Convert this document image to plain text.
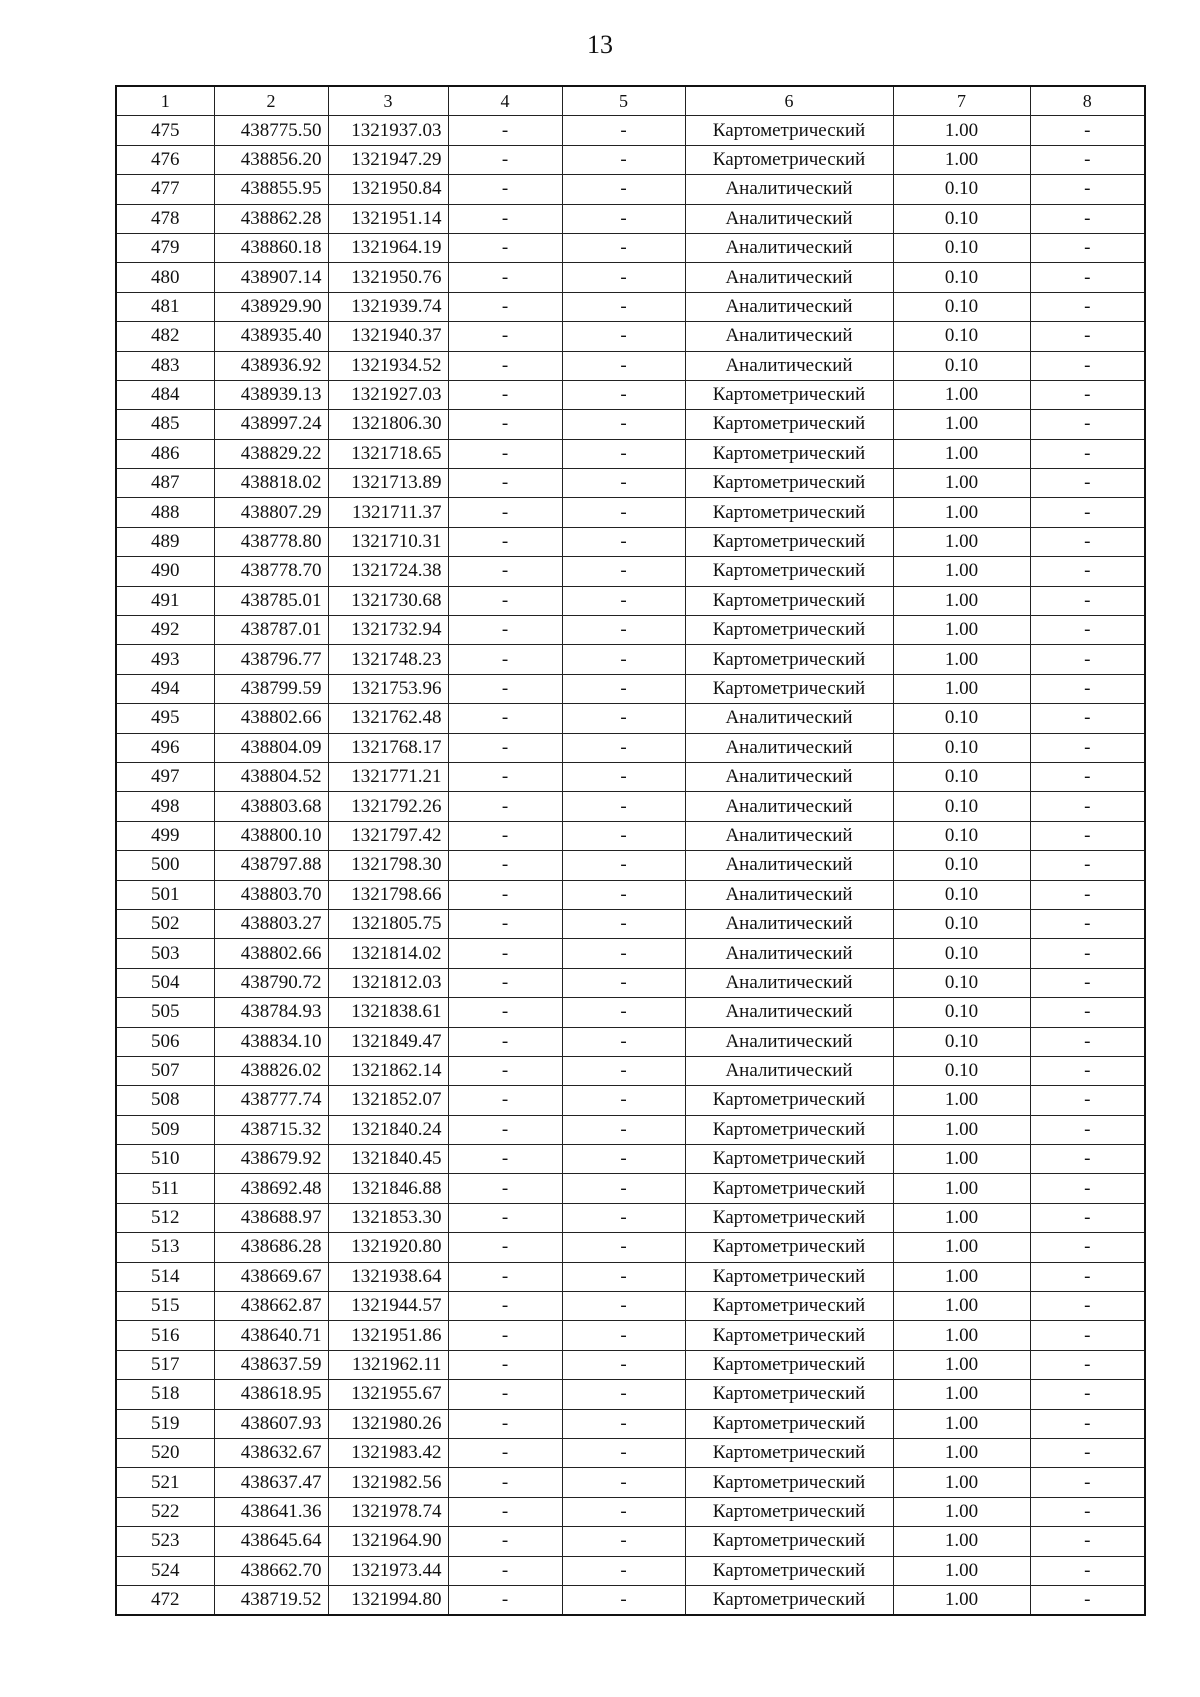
13
1	2	3	4	5	6	7	8
475	438775.50	1321937.03	-	-	Картометрический	1.00	-
476	438856.20	1321947.29	-	-	Картометрический	1.00	-
477	438855.95	1321950.84	-	-	Аналитический	0.10	-
478	438862.28	1321951.14	-	-	Аналитический	0.10	-
479	438860.18	1321964.19	-	-	Аналитический	0.10	-
480	438907.14	1321950.76	-	-	Аналитический	0.10	-
481	438929.90	1321939.74	-	-	Аналитический	0.10	-
482	438935.40	1321940.37	-	-	Аналитический	0.10	-
483	438936.92	1321934.52	-	-	Аналитический	0.10	-
484	438939.13	1321927.03	-	-	Картометрический	1.00	-
485	438997.24	1321806.30	-	-	Картометрический	1.00	-
486	438829.22	1321718.65	-	-	Картометрический	1.00	-
487	438818.02	1321713.89	-	-	Картометрический	1.00	-
488	438807.29	1321711.37	-	-	Картометрический	1.00	-
489	438778.80	1321710.31	-	-	Картометрический	1.00	-
490	438778.70	1321724.38	-	-	Картометрический	1.00	-
491	438785.01	1321730.68	-	-	Картометрический	1.00	-
492	438787.01	1321732.94	-	-	Картометрический	1.00	-
493	438796.77	1321748.23	-	-	Картометрический	1.00	-
494	438799.59	1321753.96	-	-	Картометрический	1.00	-
495	438802.66	1321762.48	-	-	Аналитический	0.10	-
496	438804.09	1321768.17	-	-	Аналитический	0.10	-
497	438804.52	1321771.21	-	-	Аналитический	0.10	-
498	438803.68	1321792.26	-	-	Аналитический	0.10	-
499	438800.10	1321797.42	-	-	Аналитический	0.10	-
500	438797.88	1321798.30	-	-	Аналитический	0.10	-
501	438803.70	1321798.66	-	-	Аналитический	0.10	-
502	438803.27	1321805.75	-	-	Аналитический	0.10	-
503	438802.66	1321814.02	-	-	Аналитический	0.10	-
504	438790.72	1321812.03	-	-	Аналитический	0.10	-
505	438784.93	1321838.61	-	-	Аналитический	0.10	-
506	438834.10	1321849.47	-	-	Аналитический	0.10	-
507	438826.02	1321862.14	-	-	Аналитический	0.10	-
508	438777.74	1321852.07	-	-	Картометрический	1.00	-
509	438715.32	1321840.24	-	-	Картометрический	1.00	-
510	438679.92	1321840.45	-	-	Картометрический	1.00	-
511	438692.48	1321846.88	-	-	Картометрический	1.00	-
512	438688.97	1321853.30	-	-	Картометрический	1.00	-
513	438686.28	1321920.80	-	-	Картометрический	1.00	-
514	438669.67	1321938.64	-	-	Картометрический	1.00	-
515	438662.87	1321944.57	-	-	Картометрический	1.00	-
516	438640.71	1321951.86	-	-	Картометрический	1.00	-
517	438637.59	1321962.11	-	-	Картометрический	1.00	-
518	438618.95	1321955.67	-	-	Картометрический	1.00	-
519	438607.93	1321980.26	-	-	Картометрический	1.00	-
520	438632.67	1321983.42	-	-	Картометрический	1.00	-
521	438637.47	1321982.56	-	-	Картометрический	1.00	-
522	438641.36	1321978.74	-	-	Картометрический	1.00	-
523	438645.64	1321964.90	-	-	Картометрический	1.00	-
524	438662.70	1321973.44	-	-	Картометрический	1.00	-
472	438719.52	1321994.80	-	-	Картометрический	1.00	-
